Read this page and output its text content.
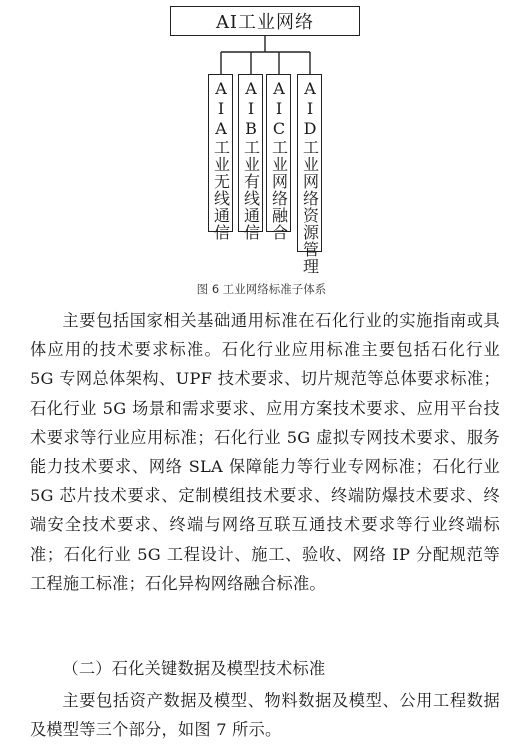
AI工业网络
AIA工业无线通信 AIB工业有线通信 AIC工业网络融合 AID工业网络资源管理
图 6 工业网络标准子体系

主要包括国家相关基础通用标准在石化行业的实施指南或具体应用的技术要求标准。石化行业应用标准主要包括石化行业 5G 专网总体架构、UPF 技术要求、切片规范等总体要求标准；石化行业 5G 场景和需求要求、应用方案技术要求、应用平台技术要求等行业应用标准；石化行业 5G 虚拟专网技术要求、服务能力技术要求、网络 SLA 保障能力等行业专网标准；石化行业 5G 芯片技术要求、定制模组技术要求、终端防爆技术要求、终端安全技术要求、终端与网络互联互通技术要求等行业终端标准；石化行业 5G 工程设计、施工、验收、网络 IP 分配规范等工程施工标准；石化异构网络融合标准。

（二）石化关键数据及模型技术标准

主要包括资产数据及模型、物料数据及模型、公用工程数据及模型等三个部分，如图 7 所示。
